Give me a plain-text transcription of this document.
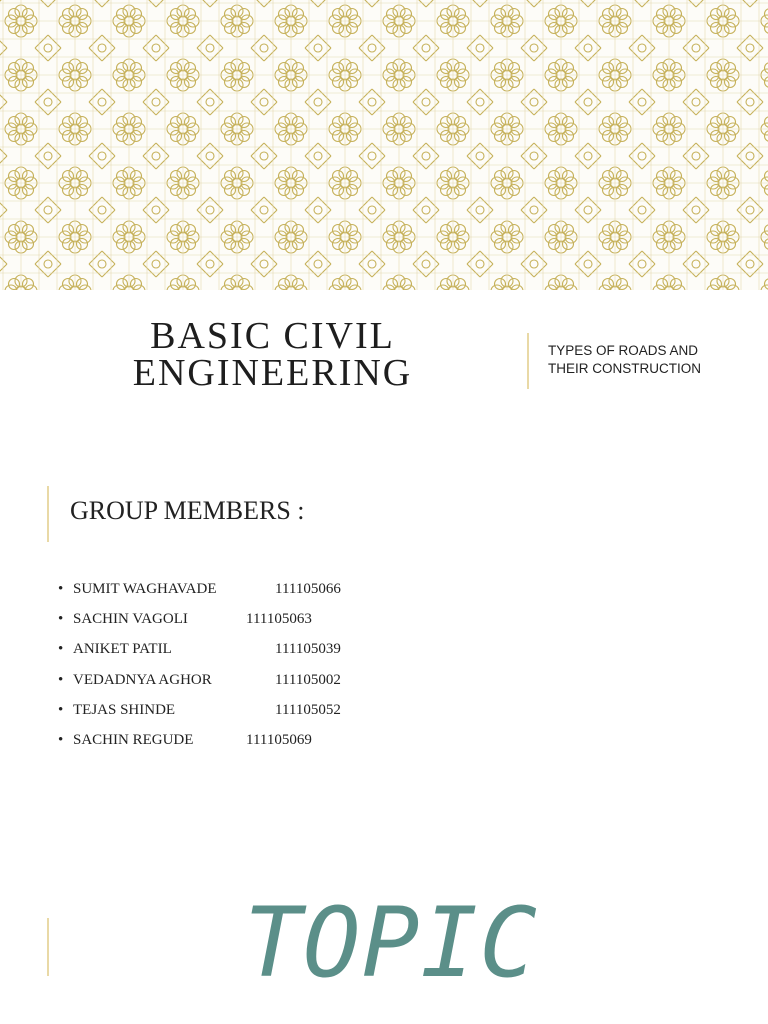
BASIC CIVIL
ENGINEERING
TYPES OF ROADS AND
THEIR CONSTRUCTION
GROUP MEMBERS :
• SUMIT WAGHAVADE	111105066
• SACHIN VAGOLI	111105063
• ANIKET PATIL	111105039
• VEDADNYA AGHOR	111105002
• TEJAS SHINDE	111105052
• SACHIN REGUDE	111105069
TOPIC
